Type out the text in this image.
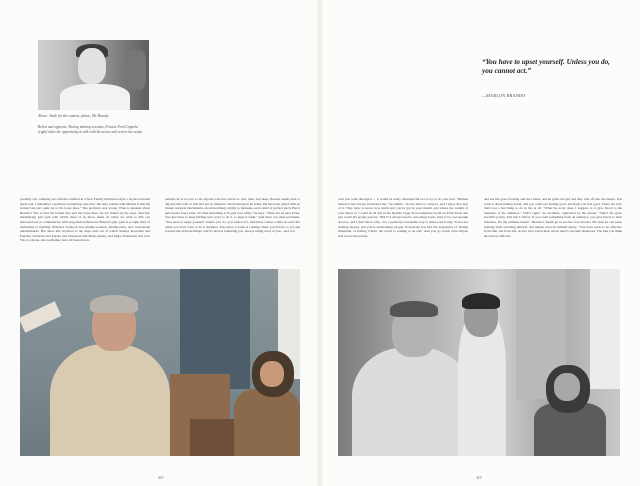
Above: Smile for the camera, please, Mr. Brando.
Below and opposite: During makeup sessions, Francis Ford Coppola (right) takes the opportunity to talk with his actors and review the script.
“You have to upset yourself. Unless you do, you cannot act.”
—MARLON BRANDO
possibly can, camping out with the children in a New Family Robinson idyll, a boyhood dream made real. I remember a producer wondering once that "the only trouble with Marlon is that his formal bite isn't quite up to his loose lines." The producer was wrong. What is unusual about Brando's Vito is that his formal bite and his loose lines are not linked by the pose, directed, meandering gait pain with which most of us move make do when we wish to mix our subconscious or communicate with long-buried emotions. Brando's gait, pain is as sight lines of barbarians to fighting. Brando's boyhood was middle-western, middle-class, and cornerstone unremarkable. But since this boyhood is the deep well out of which Stanley Kowalski and Fletcher Christian and Zapata and Napoleon and Mark Antony and Major Penderton and now Vito Corleone...his Godfather, have all been drawn.
perhaps he is too not to let anyone look into traces so rich, dark, and deep. Brando seems able to dig into this well at will and not in whatever characterization he seeks. He has been gifted with an instant retrieval mechanism, an extraordinary ability to fantasize, and a kind of perfect pitch. But it gets harder every time. "It's like sustaining a 25-year love affair," he says. "There are no new tricks. You just have to keep finding new ways to do it, to keep it fresh." And there are other problems. "You have to upset yourself. Unless you do, you cannot act. And there comes a time in one's life when you don't want to do it anymore. You know a scene is coming where you'll have to cry and scream and all those things, and it's always bothering you, always eating away at you... and you
can't just walk through it ... it would be really disrespectful not to try to do your best. "Human behavior has always fascinated me," he admits. "Actors have to observe, and I enjoy that part of it. They have to know how much spit you've got in your mouth, and where the weight of your elbow is. I could sit all day in the Optimo Cigar Store telephone booth on 42nd Street and just watch the people pass by. "But I've always tried to run acting down, tried to be cool enough about it, and I don't know why... It's a perfectly reasonable way to make your living. You're not stealing money, and you're entertaining people. Everybody has had the experience of feeling miserable, of feeling 'Christ, the world is coming to an end.' And you go watch John Wayne ride across the prairie,
and see the grass blowing and the clouds, and he grabs the girl and they ride off into the sunset. You want to share feeling aerial, and you come out feeling good. Ah made you feel good. That's not bad; that's not a bad thing to do in life at all. "What the actor does, I suggest, is to give blood to the fantasies of the audience." That's right," he exclaims, captivated by the phrase. "That's the great hoodlu's policy, isn't that I follow. If you want something from an audience, you give blood to their fantasies. It's the ultimate hustle." Brando's dream go in see his own movies. He feels he can learn nothing from watching himself, and maybe even do himself injury. "You don't learn to be effective from film, but from life. Actors who watch their selves tend to become mannered. The line you think about how effective
419	419
